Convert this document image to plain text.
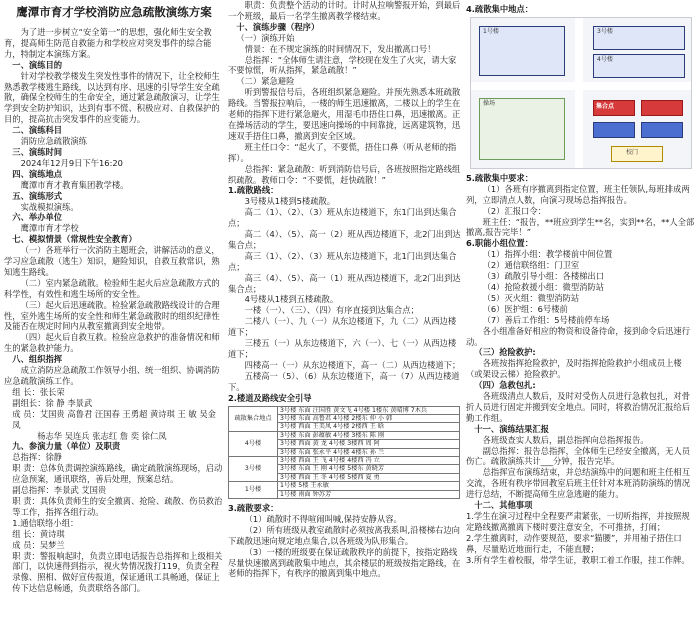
鹰潭市育才学校消防应急疏散演练方案

为了进一步树立“安全第一”的思想，强化师生安全教育，提高师生防范自救能力和学校应对突发事件的综合能力，特制定本演练方案。

一、演练目的

针对学校教学楼发生突发性事件的情况下，让全校师生熟悉教学楼逃生路线，以达到有序、迅速的引导学生安全疏散，确保全校师生的生命安全，通过紧急疏散演习，让学生学到安全防护知识，达到有事不慌、积极应对、自救保护的目的，提高抗击突发事件的应变能力。

二、演练科目

消防应急疏散演练

三、演练时间

2024年12月9日下午16:20

四、演练地点

鹰潭市育才教育集团教学楼。

五、演练形式

实战模拟演练。

六、举办单位

鹰潭市育才学校

七、模拟情景（常规性安全教育）

（一）各班举行一次消防主题班会，讲解活动的意义，学习应急疏散（逃生）知识，避险知识，自救互救常识，熟知逃生路线。

（二）室内紧急疏散。检验师生起火后应急疏散方式的科学性，有效性和逃生场所的安全性。

（三）起火后迅速疏散。检验紧急疏散路线设计的合理性，室外逃生场所的安全性和师生紧急疏散时的组织纪律性及能否在规定时间内从教室撤离到安全地带。

（四）起火后自救互救。检验应急救护的准备情况和师生的紧急救护能力。

八、组织指挥

成立消防应急疏散工作领导小组、统一组织、协调消防应急疏散演练工作。

组 长：张长荣

副组长：徐 静 李景武

成 员：艾国贵 高鲁君 汪国春 王勇超 黄诗琪 王 敏 吴金凤

杨志华 吴连兵 张志红 詹 奕 徐仁凤

九、参演力量（单位）及职责

总指挥：徐静

职 责：总体负责调控演练路线，确定疏散演练现场，启动应急预案，通讯联络，善后处理，预案总结。

副总指挥：李景武 艾国贵

职 责：具体负责师生的安全撤离、抢险、疏散、伤员救治等工作，指挥各组行动。

1.通信联络小组：

组 长：黄诗琪

成 员：吴梦兰

职 责：警报响起时，负责立即电话报告总指挥和上级相关部门，以快速得到指示，视火势情况拨打119，负责全程录像、照相、做好宣传报道，保证通讯工具畅通，保证上传下达信息畅通，负责联络各部门。

职责：负责整个活动的计时。计时从拉响警报开始，到最后一个班级，最后一名学生撤离教学楼结束。

十、演练步骤（程序）

（一）演练开始

情景：在不规定演练的时间情况下，发出撤离口号！

总指挥：“全体师生请注意，学校现在发生了火灾，请大家不要惊慌，听从指挥，紧急疏散！”

（二）紧急避险

听到警报信号后，各班组织紧急避险。并预先熟悉本班疏散路线。当警报拉响后，一楼的师生迅速撤离，二楼以上的学生在老师的指挥下进行紧急避火，用湿毛巾捂住口鼻，迅速撤离。正在操场活动的学生，要迅速向操场的中间靠拢，远离建筑物，迅速双手捂住口鼻，撤离到安全区域。

班主任口令：“起火了，不要慌，捂住口鼻（听从老师的指挥）。

总指挥：紧急疏散：听到消防信号后，各班按照指定路线组织疏散。教师口令：“不要慌，赶快疏散！”

1.疏散路线：

3号楼从1楼到5楼疏散。

高二（1）、（2）、（3）班从东边楼道下，东1门出到达集合点；

高二（4）、（5）、高一（2）班从西边楼道下，北2门出到达集合点；

高三（1）、（2）、（3）班从东边楼道下，北1门出到达集合点；

高三（4）、（5）、高一（1）班从西边楼道下，北2门出到达集合点；

4号楼从1楼到五楼疏散。

一楼（一）、（三）、（四）有序直接到达集合点；

二楼八（一）、九（一）从东边楼道下，九（二）从西边楼道下；

三楼五（一）从东边楼道下，六（一）、七（一）从西边楼道下；

四楼高一（一）从东边楼道下，高一（二）从西边楼道下；

五楼高一（5）、（6）从东边楼道下，高一（7）从西边楼道下。

2.楼道及路线安全引导

疏散集合地点	3号楼 东面 汪国胜 黄文飞 4号楼 1楼东 黄晴博 7木兵
	3号楼 东面 高鲁君 4号楼 2楼东 仲 小 韩
	3号楼 西面 王美凤 4号楼 2楼西 王 晗
4号楼	3号楼 东面 彭蕴敏 4号楼 3楼东 陈 刚
	3号楼 西面 黄 龙 4号楼 3楼西 周 阿
	3号楼 东面 张永平 4号楼 4楼东 孙 兰
3号楼	3号楼 西面 王 飞 4号楼 4楼西 冯 立
	3号楼 东面 王 刚 4号楼 5楼东 黄晓芳
	3号楼 西面 王 冬 4号楼 5楼西 夏 勇
1号楼	1号楼 5楼 王永敏
	1号楼 南面 钟苏芳

3.疏散要求：

（1）疏散时不得喧闹叫喊,保持安静从容。

（2）所有班级从教室疏散时必须按离我系叫,沿楼梯右边向下疏散迅速向规定地点集合,以各班级为队形集合。

（3）一楼的班级要在保证疏散秩序的前提下，按指定路线尽量快速撤离到疏散集中地点，其余楼层的班级按指定路线，在老师的指挥下，有秩序的撤离到集中地点。

4.疏散集中地点：

1号楼	3号楼
4号楼
操场	集合点
校门

5.疏散集中要求：

（1）各班有序撤离到指定位置，班主任领队,每班排成两列，立即清点人数，向演习现场总指挥报告。

（2）汇报口令：

班主任：“报告，**班应到学生**名，实到**名，**人全部撤离,报告完毕！”

6.职能小组位置：

（1）指挥小组：教学楼前中间位置

（2）通信联络组：门卫室

（3）疏散引导小组：各楼梯出口

（4）抢险救援小组：微型消防站

（5）灭火组：微型消防站

（6）医护组：6号楼前

（7）善后工作组：5号楼前停车场

各小组准备好相应的物资和设备待命，接到命令后迅速行动。

（三）抢险救护:

各班按指挥抢险救护，及时指挥抢险救护小组成员上楼（或架设云梯）抢险救护。

（四）急救包扎:

各班级清点人数后，及时对受伤人员进行急救包扎，对骨折人员进行固定并搬到安全地点。同时，将救治情况汇报给后勤工作组。

十一、演练结果汇报

各班级查实人数后，副总指挥向总指挥报告。

副总指挥：报告总指挥，全体师生已经安全撤离，无人员伤亡。疏散演练共计___分钟，报告完毕。

总指挥宣布演练结束，并总结演练中的问题和班主任相互交流，各班有秩序带回教室后班主任针对本班消防演练的情况进行总结，不断提高师生应急逃避的能力。

十二、其他事项

1.学生在演习过程中全程要严肃紧张，一切听指挥，并按照规定路线撤离撤离下楼时要注意安全，不可推挤，打闹；

2.学生撤离时，动作要规范，要求“猫腰”，并用袖子捂住口鼻，尽量贴近地面行走，不能直腰；

3.所有学生着校服，带学生证，教职工着工作服，挂工作牌。
